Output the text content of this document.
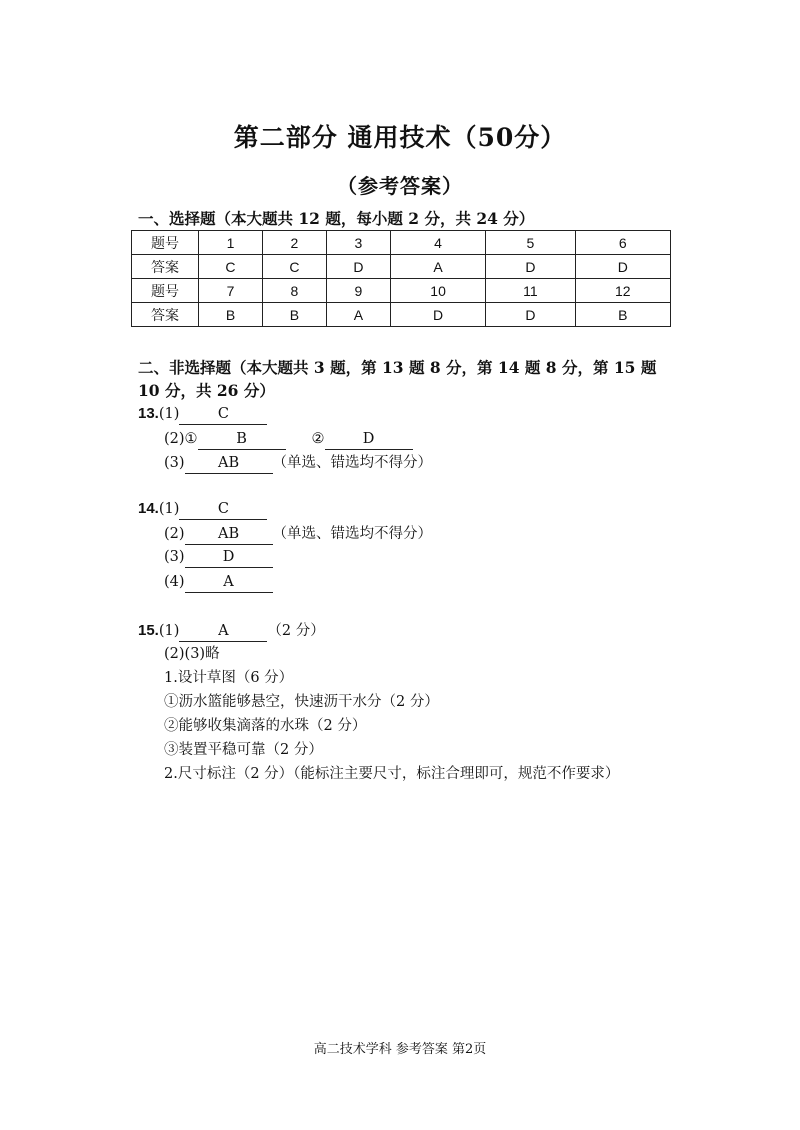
第二部分 通用技术（50分）
（参考答案）
一、选择题（本大题共 12 题，每小题 2 分，共 24 分）
题号	1	2	3	4	5	6
答案	C	C	D	A	D	D
题号	7	8	9	10	11	12
答案	B	B	A	D	D	B
二、非选择题（本大题共 3 题，第 13 题 8 分，第 14 题 8 分，第 15 题 10 分，共 26 分）
13.(1)	C
(2)①	B	②	D
(3) AB （单选、错选均不得分）
14.(1)	C
(2) AB （单选、错选均不得分）
(3)	D
(4)	A
15.(1)	A	（2 分）
(2)(3)略
1.设计草图（6 分）
①沥水篮能够悬空，快速沥干水分（2 分）
②能够收集滴落的水珠（2 分）
③装置平稳可靠（2 分）
2.尺寸标注（2 分）（能标注主要尺寸，标注合理即可，规范不作要求）
高二技术学科 参考答案 第2页
